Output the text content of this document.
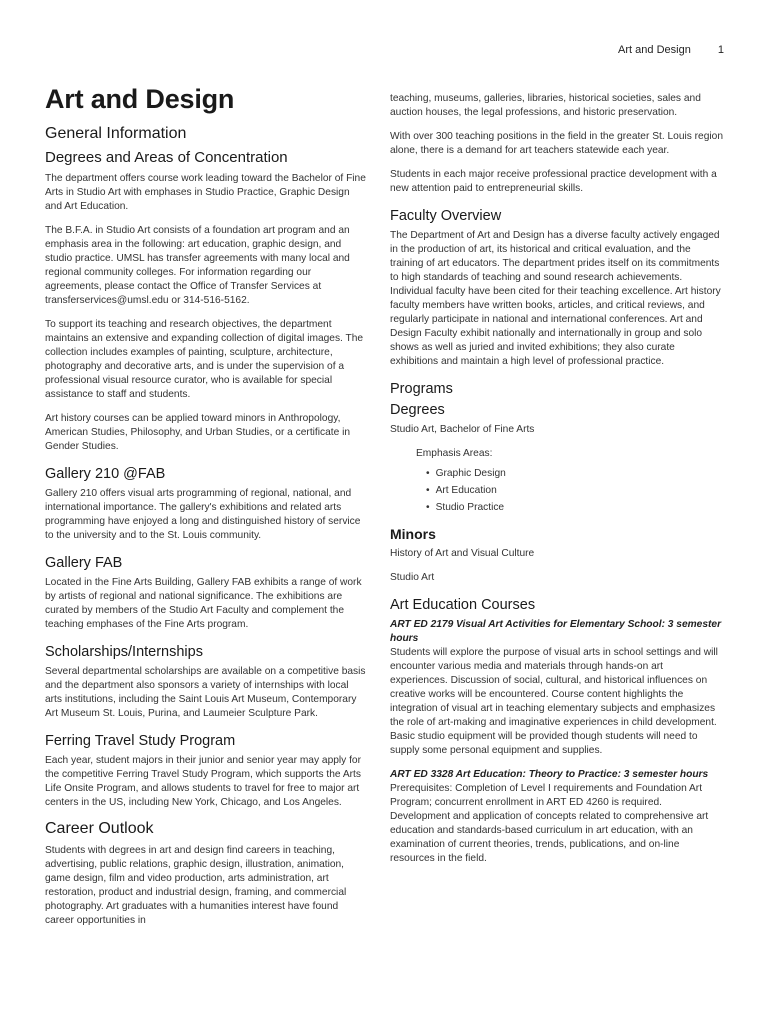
Art and Design 1
Art and Design
General Information
Degrees and Areas of Concentration

The department offers course work leading toward the Bachelor of Fine Arts in Studio Art with emphases in Studio Practice, Graphic Design and Art Education.

The B.F.A. in Studio Art consists of a foundation art program and an emphasis area in the following: art education, graphic design, and studio practice. UMSL has transfer agreements with many local and regional community colleges. For information regarding our agreements, please contact the Office of Transfer Services at transferservices@umsl.edu or 314-516-5162.

To support its teaching and research objectives, the department maintains an extensive and expanding collection of digital images. The collection includes examples of painting, sculpture, architecture, photography and decorative arts, and is under the supervision of a professional visual resource curator, who is available for special assistance to staff and students.

Art history courses can be applied toward minors in Anthropology, American Studies, Philosophy, and Urban Studies, or a certificate in Gender Studies.

Gallery 210 @FAB

Gallery 210 offers visual arts programming of regional, national, and international importance. The gallery's exhibitions and related arts programming have enjoyed a long and distinguished history of service to the university and to the St. Louis community.

Gallery FAB

Located in the Fine Arts Building, Gallery FAB exhibits a range of work by artists of regional and national significance. The exhibitions are curated by members of the Studio Art Faculty and complement the teaching emphases of the Fine Arts program.

Scholarships/Internships

Several departmental scholarships are available on a competitive basis and the department also sponsors a variety of internships with local arts institutions, including the Saint Louis Art Museum, Contemporary Art Museum St. Louis, Purina, and Laumeier Sculpture Park.

Ferring Travel Study Program

Each year, student majors in their junior and senior year may apply for the competitive Ferring Travel Study Program, which supports the Arts Life Onsite Program, and allows students to travel for free to major art centers in the US, including New York, Chicago, and Los Angeles.

Career Outlook

Students with degrees in art and design find careers in teaching, advertising, public relations, graphic design, illustration, animation, game design, film and video production, arts administration, art restoration, product and industrial design, framing, and commercial photography. Art graduates with a humanities interest have found career opportunities in

teaching, museums, galleries, libraries, historical societies, sales and auction houses, the legal professions, and historic preservation.

With over 300 teaching positions in the field in the greater St. Louis region alone, there is a demand for art teachers statewide each year.

Students in each major receive professional practice development with a new attention paid to entrepreneurial skills.

Faculty Overview

The Department of Art and Design has a diverse faculty actively engaged in the production of art, its historical and critical evaluation, and the training of art educators. The department prides itself on its commitments to high standards of teaching and sound research achievements. Individual faculty have been cited for their teaching excellence. Art history faculty members have written books, articles, and critical reviews, and regularly participate in national and international conferences. Art and Design Faculty exhibit nationally and internationally in group and solo shows as well as juried and invited exhibitions; they also curate exhibitions and maintain a high level of professional practice.

Programs
Degrees

Studio Art, Bachelor of Fine Arts

Emphasis Areas:

• Graphic Design
• Art Education
• Studio Practice
Minors

History of Art and Visual Culture

Studio Art

Art Education Courses

ART ED 2179 Visual Art Activities for Elementary School: 3 semester hours

Students will explore the purpose of visual arts in school settings and will encounter various media and materials through hands-on art experiences. Discussion of social, cultural, and historical influences on creative works will be encountered. Course content highlights the integration of visual art in teaching elementary subjects and emphasizes the role of art-making and imaginative experiences in child development. Basic studio equipment will be provided though students will need to supply some personal equipment and supplies.

ART ED 3328 Art Education: Theory to Practice: 3 semester hours

Prerequisites: Completion of Level I requirements and Foundation Art Program; concurrent enrollment in ART ED 4260 is required. Development and application of concepts related to comprehensive art education and standards-based curriculum in art education, with an examination of current theories, trends, publications, and on-line resources in the field.
